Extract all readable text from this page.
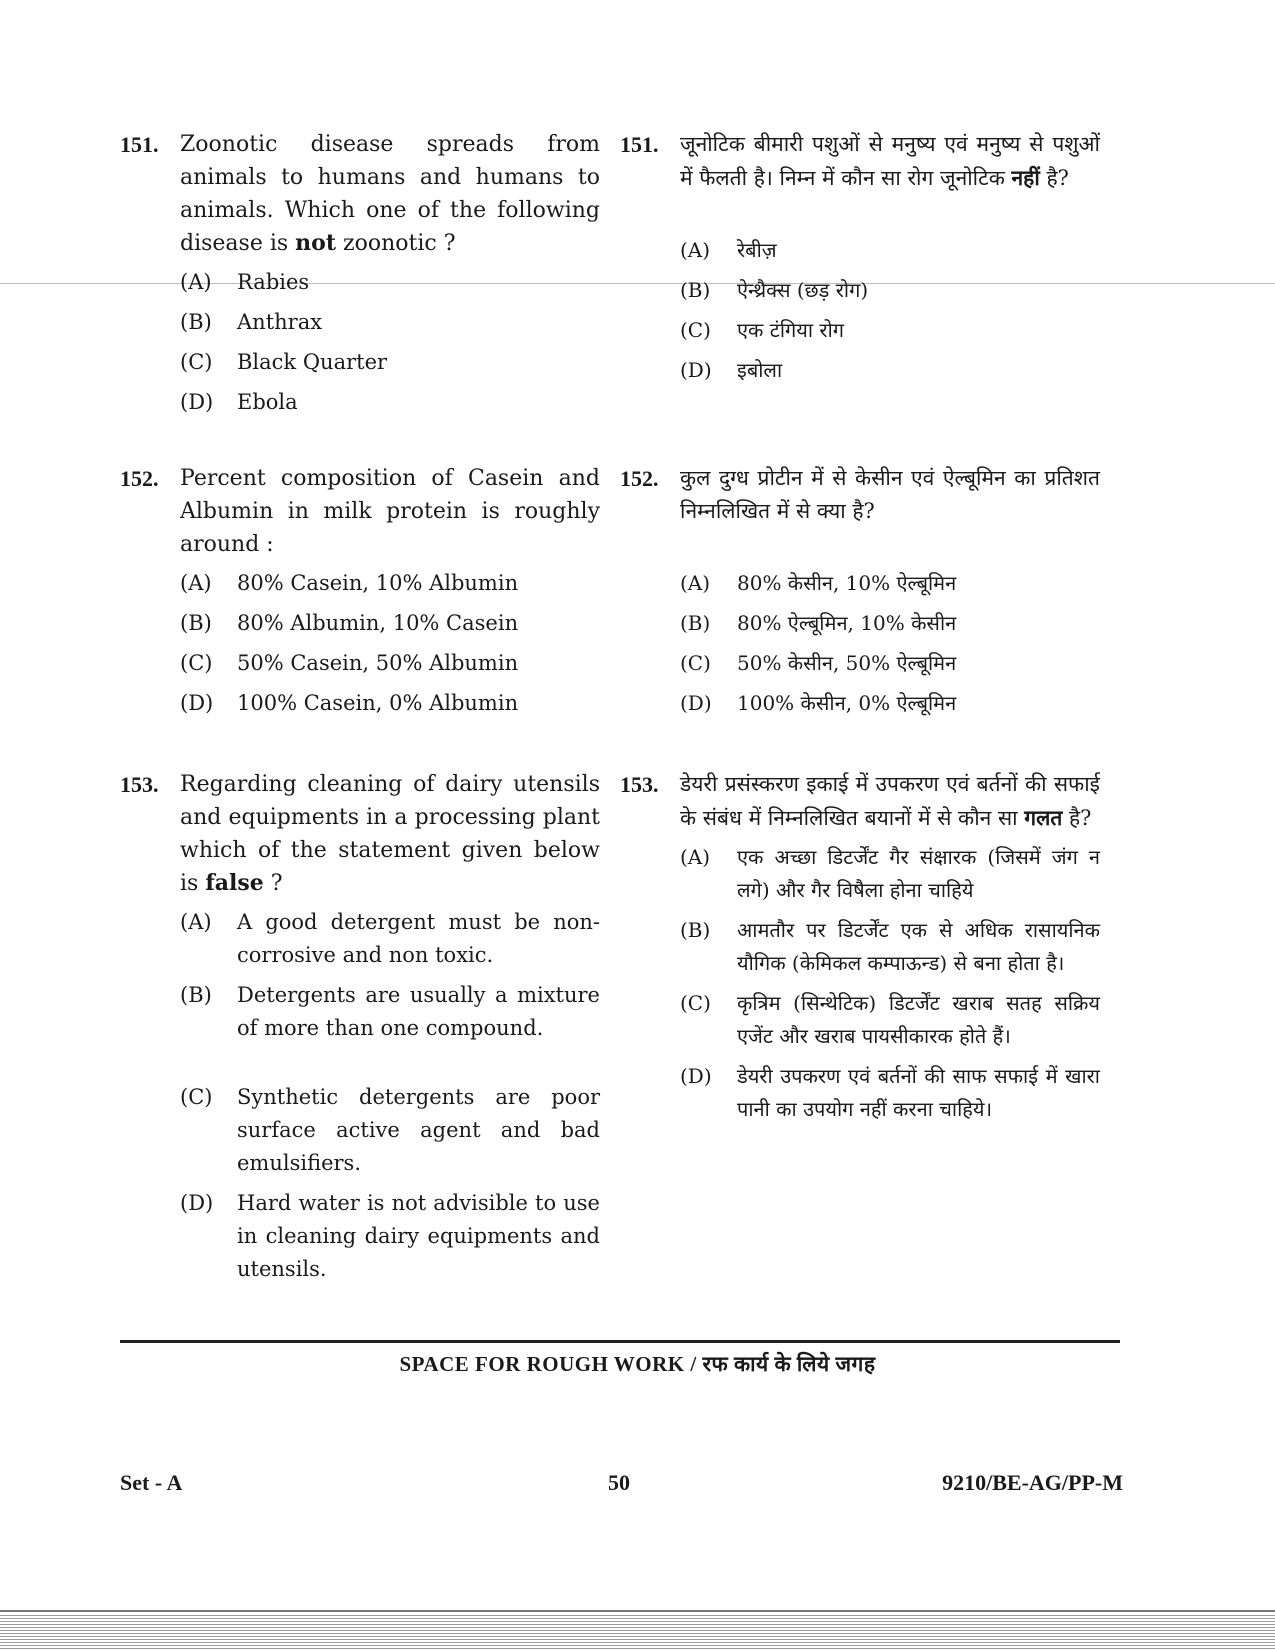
151. Zoonotic disease spreads from animals to humans and humans to animals. Which one of the following disease is not zoonotic ?
(A) Rabies
(B) Anthrax
(C) Black Quarter
(D) Ebola
151. जूनोटिक बीमारी पशुओं से मनुष्य एवं मनुष्य से पशुओं में फैलती है। निम्न में कौन सा रोग जूनोटिक नहीं है?
(A) रेबीज़
(B) ऐन्थ्रैक्स (छड़ रोग)
(C) एक टंगिया रोग
(D) इबोला
152. Percent composition of Casein and Albumin in milk protein is roughly around :
(A) 80% Casein, 10% Albumin
(B) 80% Albumin, 10% Casein
(C) 50% Casein, 50% Albumin
(D) 100% Casein, 0% Albumin
152. कुल दुग्ध प्रोटीन में से केसीन एवं ऐल्बूमिन का प्रतिशत निम्नलिखित में से क्या है?
(A) 80% केसीन, 10% ऐल्बूमिन
(B) 80% ऐल्बूमिन, 10% केसीन
(C) 50% केसीन, 50% ऐल्बूमिन
(D) 100% केसीन, 0% ऐल्बूमिन
153. Regarding cleaning of dairy utensils and equipments in a processing plant which of the statement given below is false ?
(A) A good detergent must be non-corrosive and non toxic.
(B) Detergents are usually a mixture of more than one compound.
(C) Synthetic detergents are poor surface active agent and bad emulsifiers.
(D) Hard water is not advisible to use in cleaning dairy equipments and utensils.
153. डेयरी प्रसंस्करण इकाई में उपकरण एवं बर्तनों की सफाई के संबंध में निम्नलिखित बयानों में से कौन सा गलत है?
(A) एक अच्छा डिटर्जेंट गैर संक्षारक (जिसमें जंग न लगे) और गैर विषैला होना चाहिये
(B) आमतौर पर डिटर्जेंट एक से अधिक रासायनिक यौगिक (केमिकल कम्पाऊन्ड) से बना होता है।
(C) कृत्रिम (सिन्थेटिक) डिटर्जेंट खराब सतह सक्रिय एजेंट और खराब पायसीकारक होते हैं।
(D) डेयरी उपकरण एवं बर्तनों की साफ सफाई में खारा पानी का उपयोग नहीं करना चाहिये।
SPACE FOR ROUGH WORK / रफ कार्य के लिये जगह
Set - A	50	9210/BE-AG/PP-M
